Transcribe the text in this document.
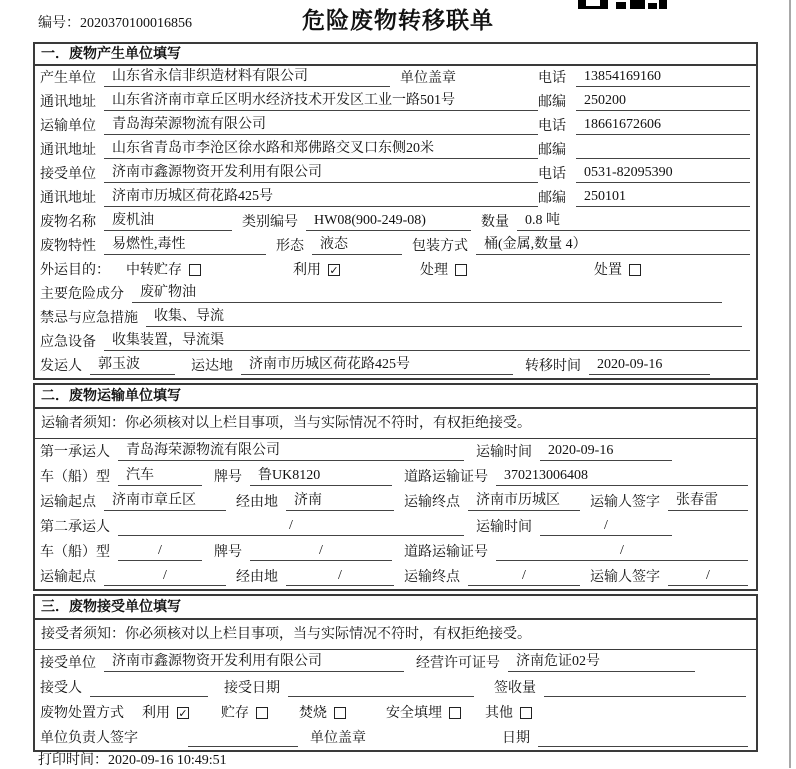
编号：2020370100016856	危险废物转移联单
一．废物产生单位填写
产生单位	山东省永信非织造材料有限公司	单位盖章	电话	13854169160
通讯地址	山东省济南市章丘区明水经济技术开发区工业一路501号	邮编	250200
运输单位	青岛海荣源物流有限公司	电话	18661672606
通讯地址	山东省青岛市李沧区徐水路和郑佛路交叉口东侧20米	邮编
接受单位	济南市鑫源物资开发利用有限公司	电话	0531-82095390
通讯地址	济南市历城区荷花路425号	邮编	250101
废物名称	废机油	类别编号	HW08(900-249-08)	数量	0.8 吨
废物特性	易燃性,毒性	形态	液态	包装方式	桶(金属,数量 4）
外运目的： 中转贮存	利用 ✓	处理	处置
主要危险成分	废矿物油
禁忌与应急措施	收集、导流
应急设备	收集装置，导流渠
发运人	郭玉波	运达地	济南市历城区荷花路425号	转移时间	2020-09-16
二．废物运输单位填写
运输者须知：你必须核对以上栏目事项，当与实际情况不符时，有权拒绝接受。
第一承运人	青岛海荣源物流有限公司	运输时间	2020-09-16
车（船）型	汽车	牌号	鲁UK8120	道路运输证号	370213006408
运输起点	济南市章丘区	经由地	济南	运输终点	济南市历城区	运输人签字	张春雷
第二承运人	/	运输时间	/
车（船）型	/	牌号	/	道路运输证号	/
运输起点	/	经由地	/	运输终点	/	运输人签字	/
三．废物接受单位填写
接受者须知：你必须核对以上栏目事项，当与实际情况不符时，有权拒绝接受。
接受单位	济南市鑫源物资开发利用有限公司	经营许可证号	济南危证02号
接受人	接受日期	签收量
废物处置方式 利用 ✓ 贮存	焚烧	安全填埋	其他
单位负责人签字	单位盖章	日期
打印时间：2020-09-16 10:49:51
